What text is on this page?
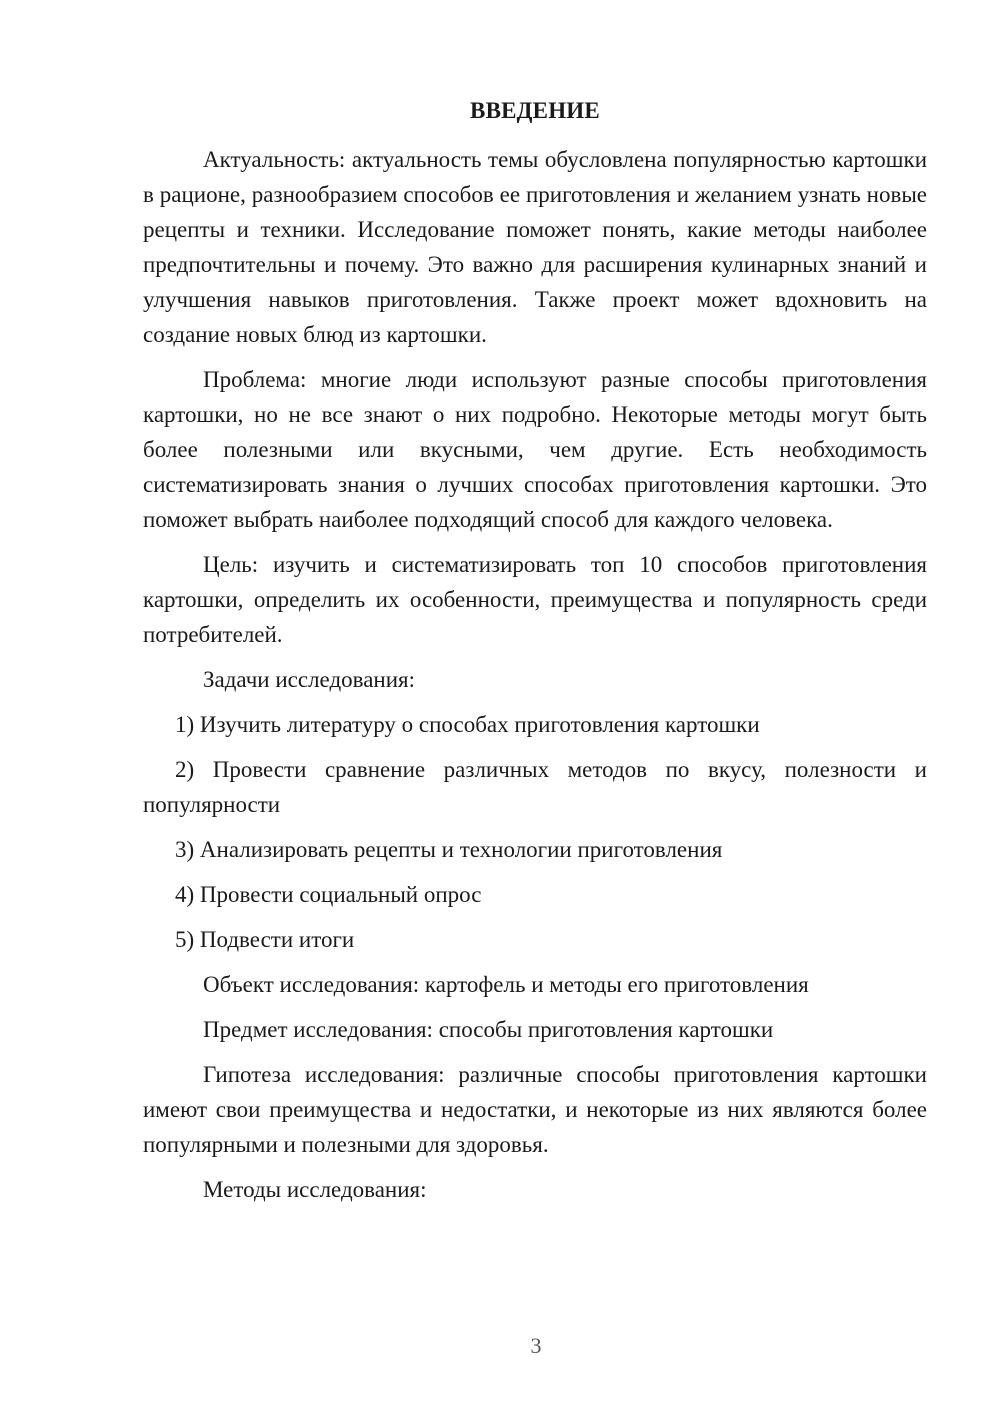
ВВЕДЕНИЕ

Актуальность: актуальность темы обусловлена популярностью картошки в рационе, разнообразием способов ее приготовления и желанием узнать новые рецепты и техники. Исследование поможет понять, какие методы наиболее предпочтительны и почему. Это важно для расширения кулинарных знаний и улучшения навыков приготовления. Также проект может вдохновить на создание новых блюд из картошки.

Проблема: многие люди используют разные способы приготовления картошки, но не все знают о них подробно. Некоторые методы могут быть более полезными или вкусными, чем другие. Есть необходимость систематизировать знания о лучших способах приготовления картошки. Это поможет выбрать наиболее подходящий способ для каждого человека.

Цель: изучить и систематизировать топ 10 способов приготовления картошки, определить их особенности, преимущества и популярность среди потребителей.

Задачи исследования:

1) Изучить литературу о способах приготовления картошки

2) Провести сравнение различных методов по вкусу, полезности и популярности

3) Анализировать рецепты и технологии приготовления

4) Провести социальный опрос

5) Подвести итоги

Объект исследования: картофель и методы его приготовления

Предмет исследования: способы приготовления картошки

Гипотеза исследования: различные способы приготовления картошки имеют свои преимущества и недостатки, и некоторые из них являются более популярными и полезными для здоровья.

Методы исследования:

3
